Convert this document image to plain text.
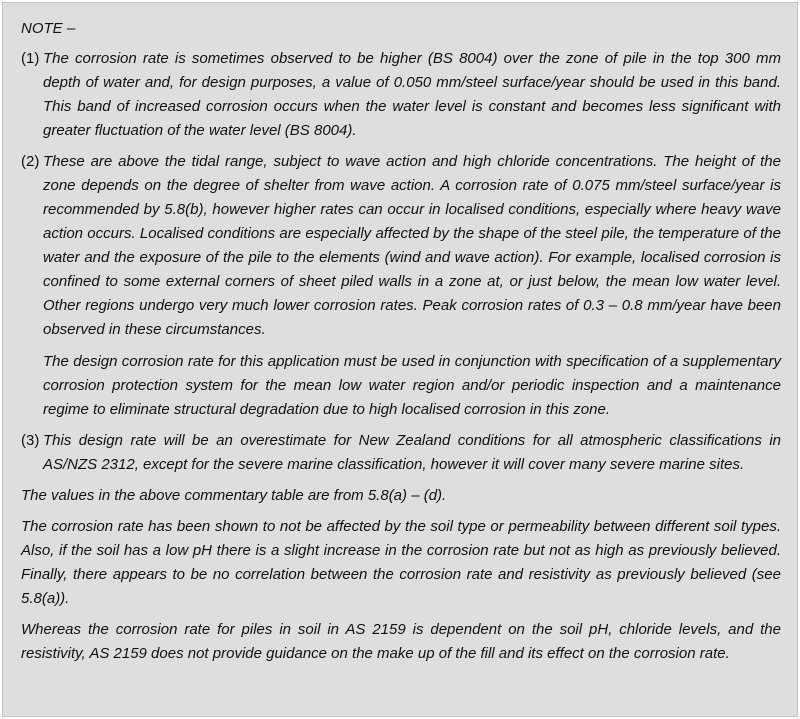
NOTE –
(1) The corrosion rate is sometimes observed to be higher (BS 8004) over the zone of pile in the top 300 mm depth of water and, for design purposes, a value of 0.050 mm/steel surface/year should be used in this band. This band of increased corrosion occurs when the water level is constant and becomes less significant with greater fluctuation of the water level (BS 8004).

(2) These are above the tidal range, subject to wave action and high chloride concentrations. The height of the zone depends on the degree of shelter from wave action. A corrosion rate of 0.075 mm/steel surface/year is recommended by 5.8(b), however higher rates can occur in localised conditions, especially where heavy wave action occurs. Localised conditions are especially affected by the shape of the steel pile, the temperature of the water and the exposure of the pile to the elements (wind and wave action). For example, localised corrosion is confined to some external corners of sheet piled walls in a zone at, or just below, the mean low water level. Other regions undergo very much lower corrosion rates. Peak corrosion rates of 0.3 – 0.8 mm/year have been observed in these circumstances.

The design corrosion rate for this application must be used in conjunction with specification of a supplementary corrosion protection system for the mean low water region and/or periodic inspection and a maintenance regime to eliminate structural degradation due to high localised corrosion in this zone.

(3) This design rate will be an overestimate for New Zealand conditions for all atmospheric classifications in AS/NZS 2312, except for the severe marine classification, however it will cover many severe marine sites.

The values in the above commentary table are from 5.8(a) – (d).

The corrosion rate has been shown to not be affected by the soil type or permeability between different soil types. Also, if the soil has a low pH there is a slight increase in the corrosion rate but not as high as previously believed. Finally, there appears to be no correlation between the corrosion rate and resistivity as previously believed (see 5.8(a)).

Whereas the corrosion rate for piles in soil in AS 2159 is dependent on the soil pH, chloride levels, and the resistivity, AS 2159 does not provide guidance on the make up of the fill and its effect on the corrosion rate.
